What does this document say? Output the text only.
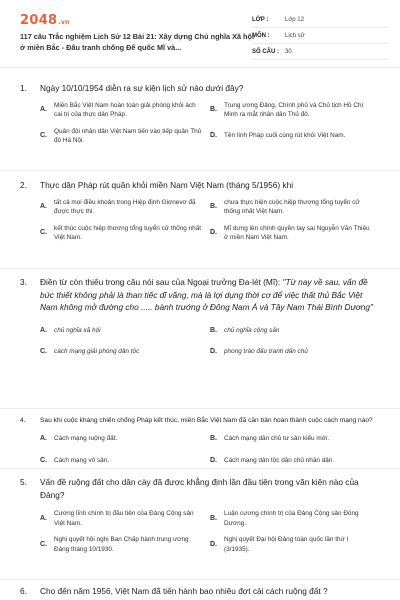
2048.vn
117 câu Trắc nghiệm Lịch Sử 12 Bài 21: Xây dựng Chủ nghĩa Xã hội ở miền Bắc - Đấu tranh chống Đế quốc Mĩ và...
LỚP :	Lớp 12
MÔN :	Lịch sử
SỐ CÂU :	30
1.	Ngày 10/10/1954 diễn ra sự kiện lịch sử nào dưới đây?
A.
Miền Bắc Việt Nam hoàn toàn giải phóng khỏi ách cai trị của thực dân Pháp.
B.
Trung ương Đảng, Chính phủ và Chủ tịch Hồ Chí Minh ra mắt nhân dân Thủ đô.
C.
Quân đội nhân dân Việt Nam tiến vào tiếp quản Thủ đô Hà Nội.
D.	Tên lính Pháp cuối cùng rút khỏi Việt Nam.
2.	Thực dân Pháp rút quân khỏi miền Nam Việt Nam (tháng 5/1956) khi
A.
tất cả mọi điều khoản trong Hiệp định Giơnevơ đã được thực thi.
B.
chưa thực hiện cuộc hiệp thương tổng tuyển cử thống nhất Việt Nam.
C.
kết thúc cuộc hiệp thương tổng tuyển cử thống nhất Việt Nam.
D.
Mĩ dựng lên chính quyền tay sai Nguyễn Văn Thiệu ở miền Nam Việt Nam.
3.	Điền từ còn thiếu trong câu nói sau của Ngoại trưởng Đa-lét (Mĩ): "Từ nay về sau, vấn đề bức thiết không phải là than tiếc dĩ vãng, mà là lợi dụng thời cơ để việc thất thủ Bắc Việt Nam không mở đường cho ..... bành trướng ở Đông Nam Á và Tây Nam Thái Bình Dương"
A.	chủ nghĩa xã hội	B.	chủ nghĩa cộng sản
C.	cách mạng giải phóng dân tộc	D.	phong trào đấu tranh dân chủ
4.	Sau khi cuộc kháng chiến chống Pháp kết thúc, miền Bắc Việt Nam đã căn bản hoàn thành cuộc cách mạng nào?
A.	Cách mạng ruộng đất.	B.	Cách mạng dân chủ tư sản kiểu mới.
C.	Cách mạng vô sản.	D.	Cách mạng dân tộc dân chủ nhân dân.
5.	Vấn đề ruộng đất cho dân cày đã được khẳng định lần đầu tiên trong văn kiện nào của Đảng?
A.
Cương lĩnh chính trị đầu tiên của Đảng Cộng sản Việt Nam.
B.
Luận cương chính trị của Đảng Cộng sản Đông Dương.
C.
Nghị quyết hội nghị Ban Chấp hành trung ương Đảng tháng 10/1930.
D.
Nghị quyết Đại hội Đảng toàn quốc lần thứ I (3/1935).
6.	Cho đến năm 1956, Việt Nam đã tiến hành bao nhiêu đợt cải cách ruộng đất ?
